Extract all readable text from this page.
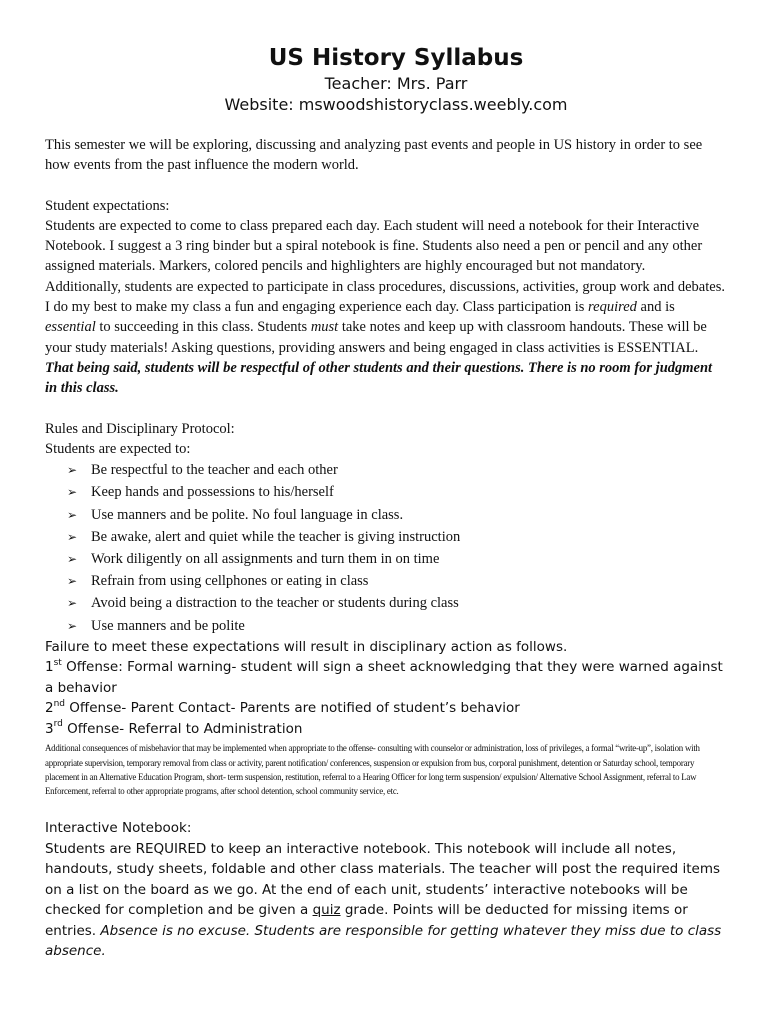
US History Syllabus
Teacher: Mrs. Parr
Website: mswoodshistoryclass.weebly.com

This semester we will be exploring, discussing and analyzing past events and people in US history in order to see how events from the past influence the modern world.

Student expectations:

Students are expected to come to class prepared each day. Each student will need a notebook for their Interactive Notebook. I suggest a 3 ring binder but a spiral notebook is fine. Students also need a pen or pencil and any other assigned materials. Markers, colored pencils and highlighters are highly encouraged but not mandatory.

Additionally, students are expected to participate in class procedures, discussions, activities, group work and debates. I do my best to make my class a fun and engaging experience each day. Class participation is required and is essential to succeeding in this class. Students must take notes and keep up with classroom handouts. These will be your study materials! Asking questions, providing answers and being engaged in class activities is ESSENTIAL. That being said, students will be respectful of other students and their questions. There is no room for judgment in this class.

Rules and Disciplinary Protocol:

Students are expected to:

➢ Be respectful to the teacher and each other
➢ Keep hands and possessions to his/herself
➢ Use manners and be polite. No foul language in class.
➢ Be awake, alert and quiet while the teacher is giving instruction
➢ Work diligently on all assignments and turn them in on time
➢ Refrain from using cellphones or eating in class
➢ Avoid being a distraction to the teacher or students during class
➢ Use manners and be polite

Failure to meet these expectations will result in disciplinary action as follows.

1st Offense: Formal warning- student will sign a sheet acknowledging that they were warned against a behavior

2nd Offense- Parent Contact- Parents are notified of student’s behavior

3rd Offense- Referral to Administration

Additional consequences of misbehavior that may be implemented when appropriate to the offense- consulting with counselor or administration, loss of privileges, a formal “write-up”, isolation with appropriate supervision, temporary removal from class or activity, parent notification/ conferences, suspension or expulsion from bus, corporal punishment, detention or Saturday school, temporary placement in an Alternative Education Program, short- term suspension, restitution, referral to a Hearing Officer for long term suspension/ expulsion/ Alternative School Assignment, referral to Law Enforcement, referral to other appropriate programs, after school detention, school community service, etc.

Interactive Notebook:

Students are REQUIRED to keep an interactive notebook. This notebook will include all notes, handouts, study sheets, foldable and other class materials. The teacher will post the required items on a list on the board as we go. At the end of each unit, students’ interactive notebooks will be checked for completion and be given a quiz grade. Points will be deducted for missing items or entries. Absence is no excuse. Students are responsible for getting whatever they miss due to class absence.
